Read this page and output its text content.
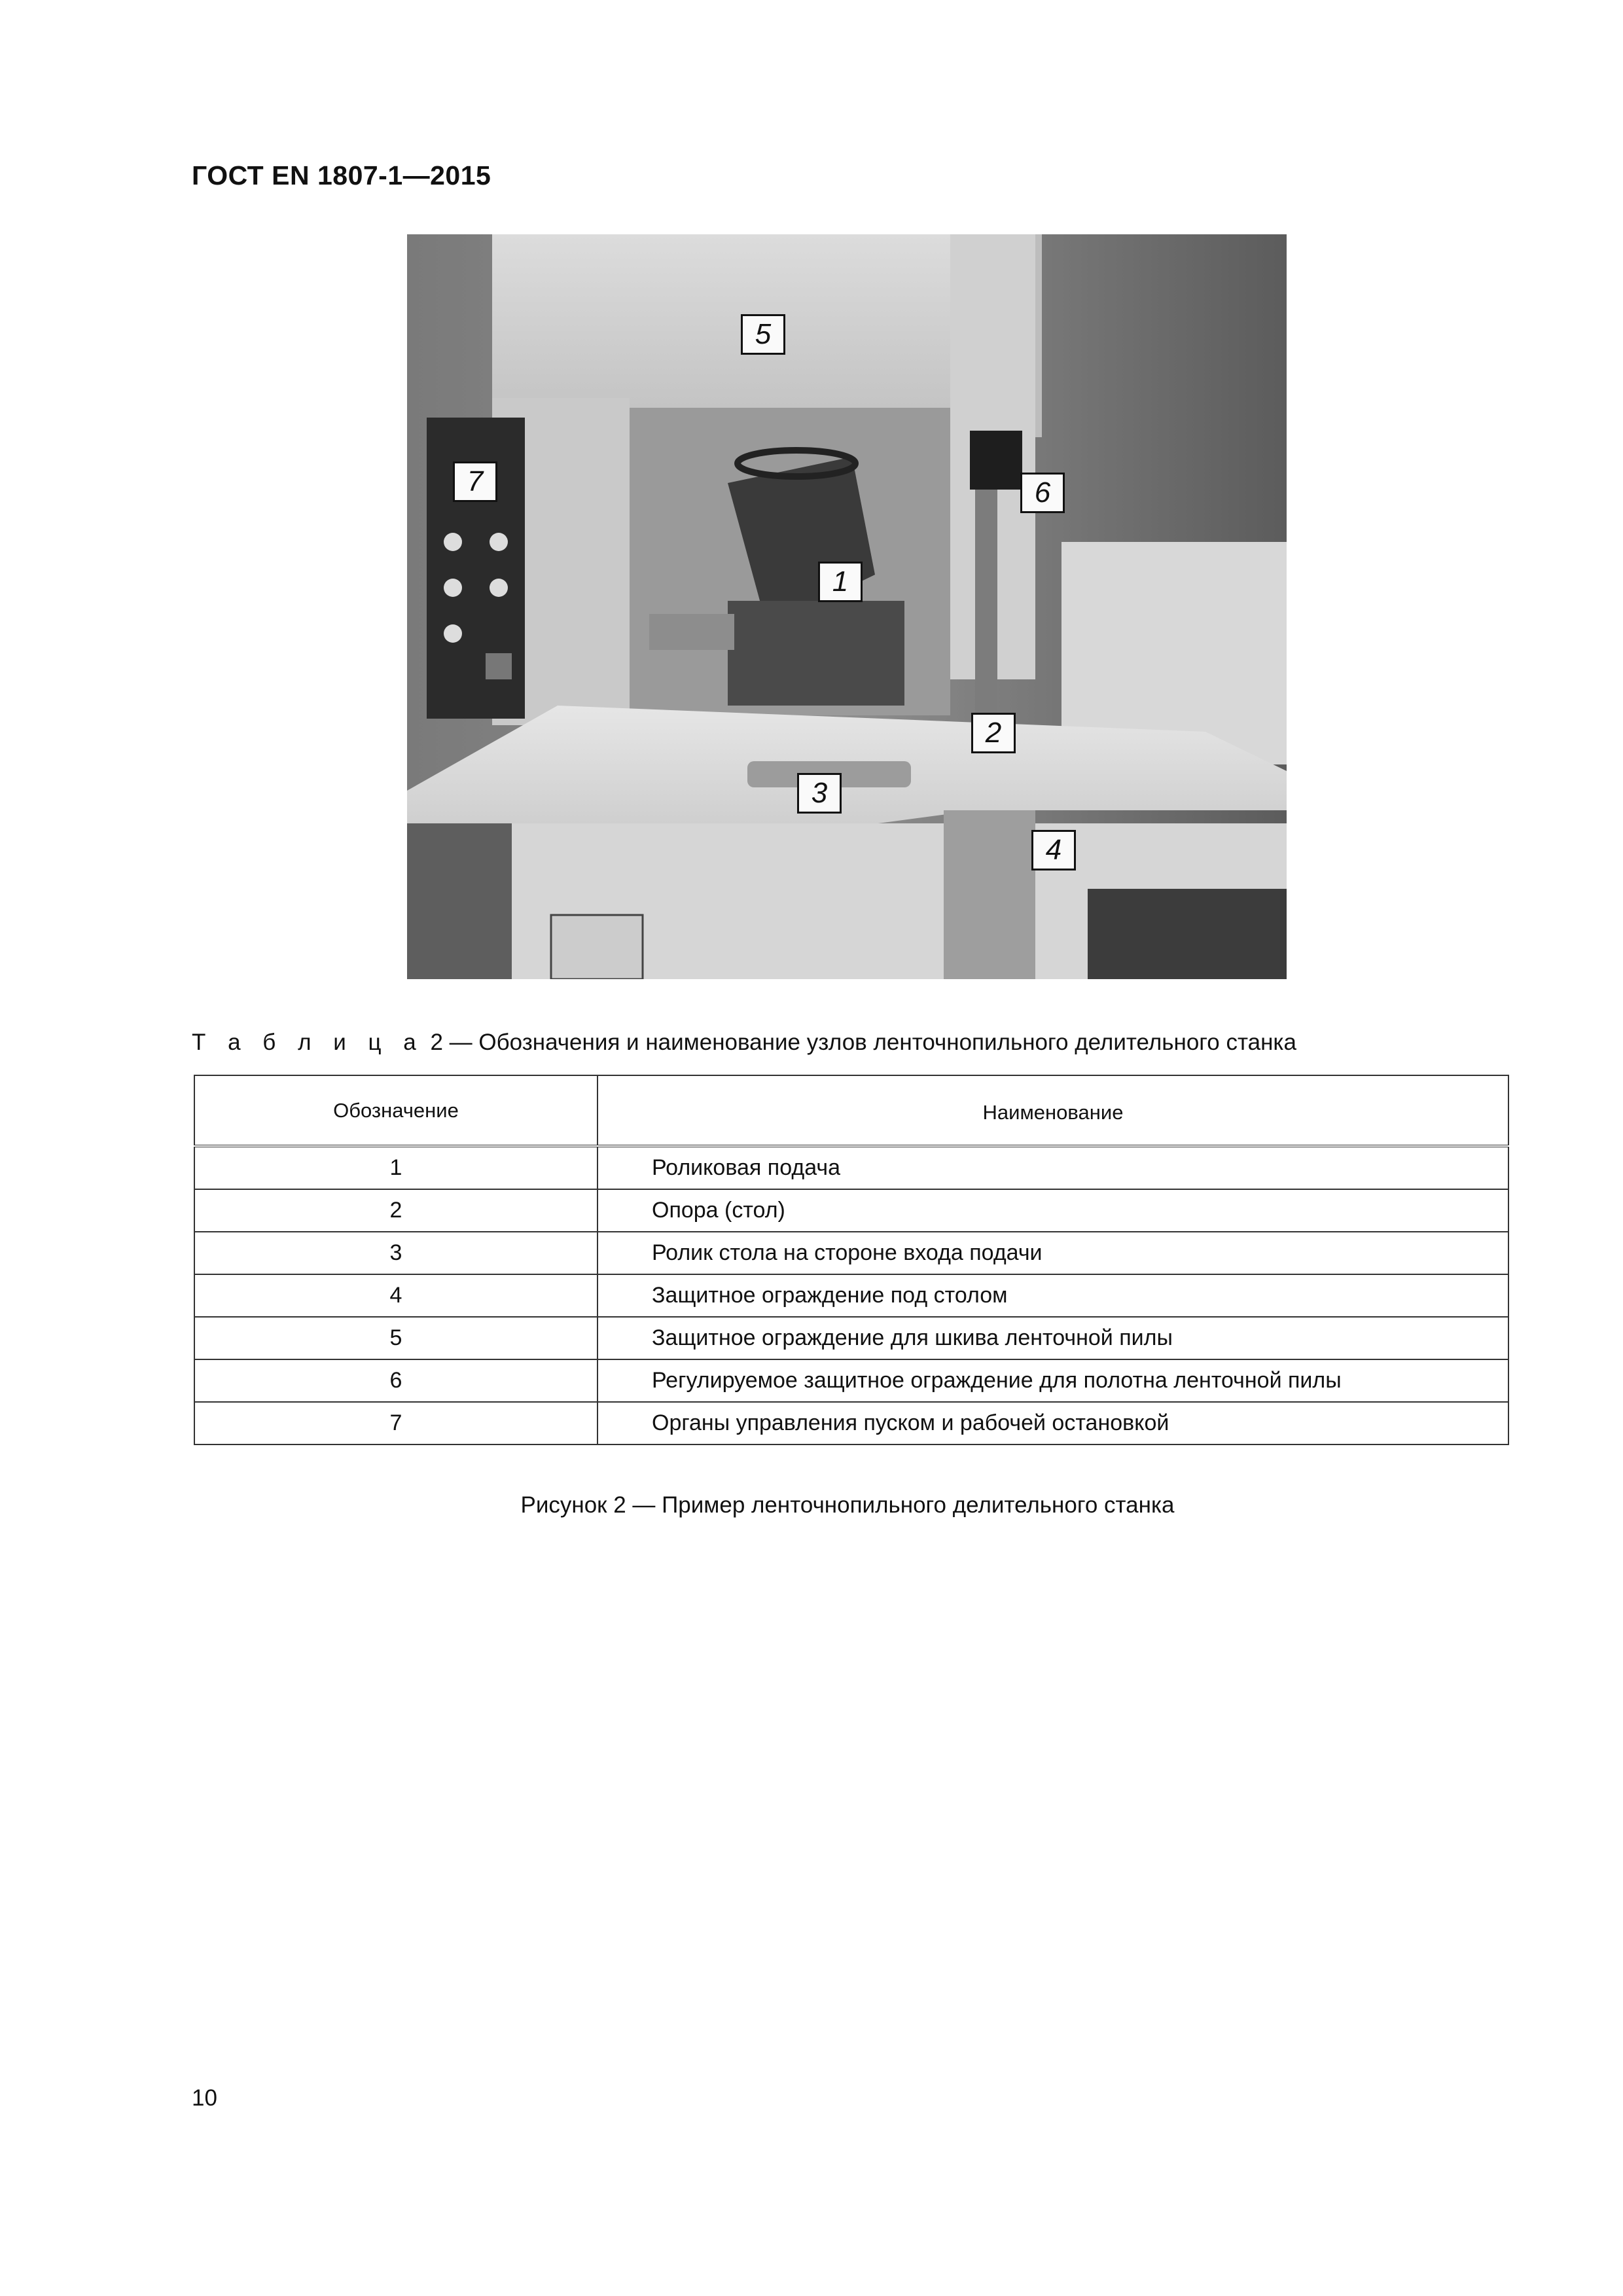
ГОСТ EN 1807-1—2015
5
7	6
1
2
3
4
Т а б л и ц а 2 — Обозначения и наименование узлов ленточнопильного делительного станка
Обозначение	Наименование
1	Роликовая подача
2	Опора (стол)
3	Ролик стола на стороне входа подачи
4	Защитное ограждение под столом
5	Защитное ограждение для шкива ленточной пилы
6	Регулируемое защитное ограждение для полотна ленточной пилы
7	Органы управления пуском и рабочей остановкой
Рисунок 2 — Пример ленточнопильного делительного станка
10
